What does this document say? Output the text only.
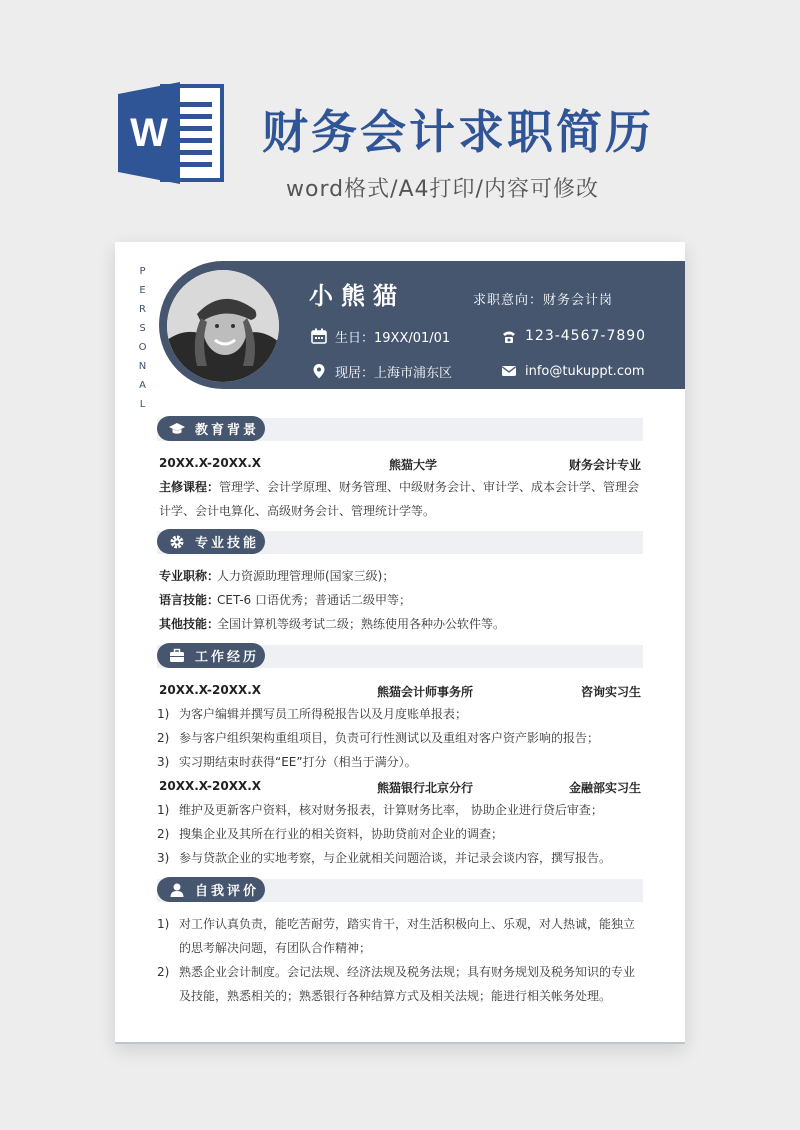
W 财务会计求职简历
word格式/A4打印/内容可修改
PERSONAL	小熊猫	求职意向：财务会计岗
生日：19XX/01/01	123-4567-7890
现居：上海市浦东区	info@tukuppt.com
教育背景
20XX.X-20XX.X	熊猫大学	财务会计专业
主修课程：管理学、会计学原理、财务管理、中级财务会计、审计学、成本会计学、管理会计学、会计电算化、高级财务会计、管理统计学等。
专业技能
专业职称：人力资源助理管理师(国家三级)；
语言技能：CET-6 口语优秀；普通话二级甲等；
其他技能：全国计算机等级考试二级；熟练使用各种办公软件等。
工作经历
20XX.X-20XX.X	熊猫会计师事务所	咨询实习生
1) 为客户编辑并撰写员工所得税报告以及月度账单报表；
2) 参与客户组织架构重组项目，负责可行性测试以及重组对客户资产影响的报告；
3) 实习期结束时获得“EE”打分（相当于满分）。
20XX.X-20XX.X	熊猫银行北京分行	金融部实习生
1) 维护及更新客户资料，核对财务报表，计算财务比率， 协助企业进行贷后审查；
2) 搜集企业及其所在行业的相关资料，协助贷前对企业的调查；
3) 参与贷款企业的实地考察，与企业就相关问题洽谈，并记录会谈内容，撰写报告。
自我评价
1) 对工作认真负责，能吃苦耐劳，踏实肯干，对生活积极向上、乐观，对人热诚，能独立的思考解决问题，有团队合作精神；
2) 熟悉企业会计制度。会记法规、经济法规及税务法规；具有财务规划及税务知识的专业及技能，熟悉相关的；熟悉银行各种结算方式及相关法规；能进行相关帐务处理。
